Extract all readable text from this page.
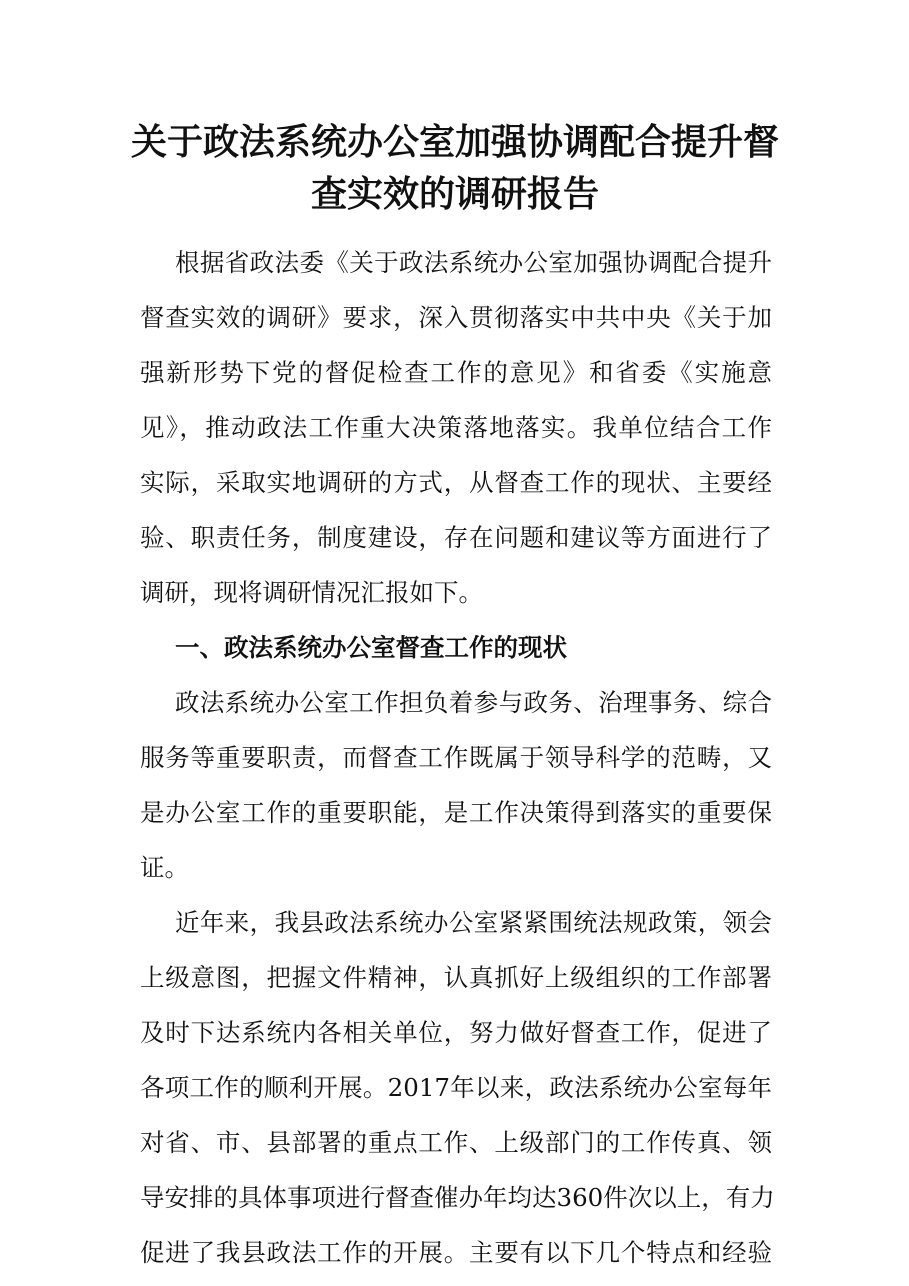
关于政法系统办公室加强协调配合提升督
查实效的调研报告
根据省政法委《关于政法系统办公室加强协调配合提升
督查实效的调研》要求，深入贯彻落实中共中央《关于加
强新形势下党的督促检查工作的意见》和省委《实施意
见》，推动政法工作重大决策落地落实。我单位结合工作
实际，采取实地调研的方式，从督查工作的现状、主要经
验、职责任务，制度建设，存在问题和建议等方面进行了
调研，现将调研情况汇报如下。
一、政法系统办公室督查工作的现状
政法系统办公室工作担负着参与政务、治理事务、综合
服务等重要职责，而督查工作既属于领导科学的范畴，又
是办公室工作的重要职能，是工作决策得到落实的重要保
证。
近年来，我县政法系统办公室紧紧围统法规政策，领会
上级意图，把握文件精神，认真抓好上级组织的工作部署
及时下达系统内各相关单位，努力做好督查工作，促进了
各项工作的顺利开展。2017年以来，政法系统办公室每年
对省、市、县部署的重点工作、上级部门的工作传真、领
导安排的具体事项进行督查催办年均达360件次以上，有力
促进了我县政法工作的开展。主要有以下几个特点和经验
